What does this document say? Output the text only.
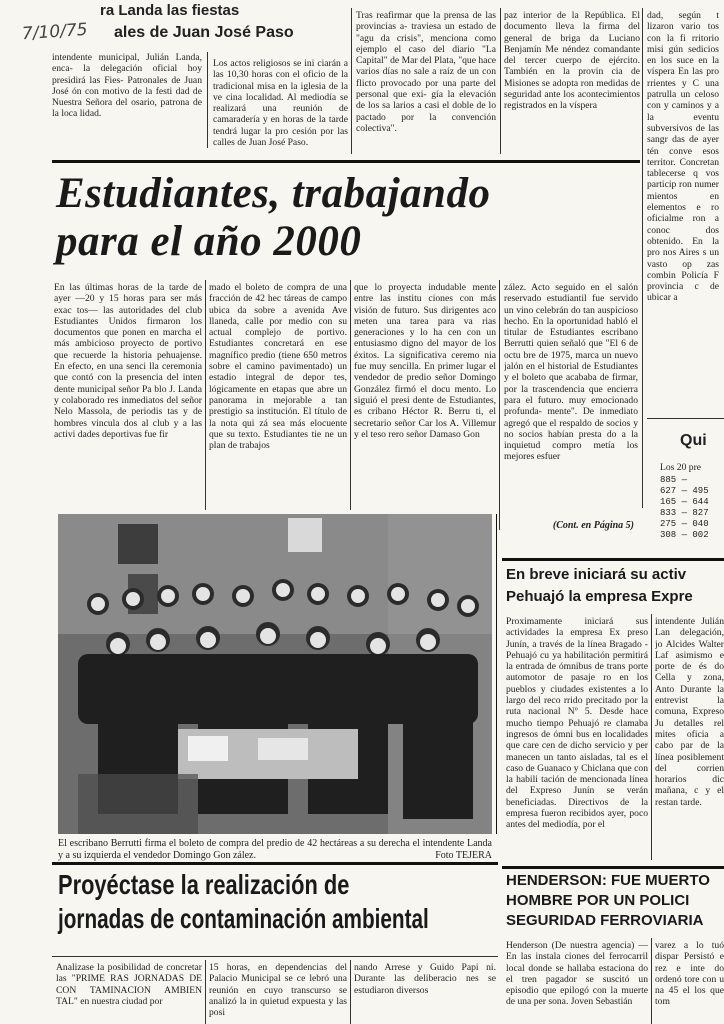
7/10/75
ra Landa las fiestas
ales de Juan José Paso
intendente municipal, Julián Landa, enca- la delegación oficial hoy presidirá las Fies- Patronales de Juan José ón con motivo de la festi dad de Nuestra Señora del osario, patrona de la loca lidad.
Los actos religiosos se ini ciarán a las 10,30 horas con el oficio de la tradicional misa en la iglesia de la ve cina localidad. Al mediodía se realizará una reunión de camaradería y en horas de la tarde tendrá lugar la pro cesión por las calles de Juan José Paso.
Tras reafirmar que la prensa de las provincias a- traviesa un estado de "agu da crisis", menciona como ejemplo el caso del diario "La Capital" de Mar del Plata, "que hace varios días no sale a raíz de un con flicto provocado por una parte del personal que exi- gía la elevación de los sa larios a casi el doble de lo pactado por la convención colectiva".
paz interior de la República. El documento lleva la firma del general de briga da Luciano Benjamín Me néndez comandante del tercer cuerpo de ejército. También en la provin cia de Misiones se adopta ron medidas de seguridad ante los acontecimientos registrados en la víspera
dad, según t lizaron vario tos con la fi rritorio misi gún sedicios en los suce en la víspera En las pro rrientes y C una patrulla un celoso con y caminos y a la eventu subversivos de las sangr das de ayer tén conve esos territor. Concretan tablecerse q vos particip ron numer mientos en elementos e ro oficialme ron a conoc dos obtenido. En la pro nos Aires s un vasto op zas combin Policía F provincia c de ubicar a
Qui
Los 20 pre
885 —
627 — 495
165 — 644
833 — 827
275 — 040
308 — 002
Estudiantes, trabajando
para el año 2000
En las últimas horas de la tarde de ayer —20 y 15 horas para ser más exac tos— las autoridades del club Estudiantes Unidos firmaron los documentos que ponen en marcha el más ambicioso proyecto de portivo que recuerde la historia pehuajense. En efecto, en una senci lla ceremonia que contó con la presencia del inten dente municipal señor Pa blo J. Landa y colaborado res inmediatos del señor Nelo Massola, de periodis tas y de hombres vincula dos al club y a las activi dades deportivas fue fir
mado el boleto de compra de una fracción de 42 hec táreas de campo ubica da sobre a avenida Ave llaneda, calle por medio con su actual complejo de portivo. Estudiantes concretará en ese magnífico predio (tiene 650 metros sobre el camino pavimentado) un estadio integral de depor tes, lógicamente en etapas que abre un panorama in mejorable a tan prestigio sa institución. El título de la nota qui zá sea más elocuente que su texto. Estudiantes tie ne un plan de trabajos
que lo proyecta indudable mente entre las institu ciones con más visión de futuro. Sus dirigentes aco meten una tarea para va rias generaciones y lo ha cen con un entusiasmo digno del mayor de los éxitos. La significativa ceremo nia fue muy sencilla. En primer lugar el vendedor de predio señor Domingo González firmó el docu mento. Lo siguió el presi dente de Estudiantes, es cribano Héctor R. Berru ti, el secretario señor Car los A. Villemur y el teso rero señor Damaso Gon
zález. Acto seguido en el salón reservado estudiantil fue servido un vino celebrán do tan auspicioso hecho. En la oportunidad habló el titular de Estudiantes escribano Berrutti quien señaló que "El 6 de octu bre de 1975, marca un nuevo jalón en el historial de Estudiantes y el boleto que acababa de firmar, por la trascendencia que encierra para el futuro. muy emocionado profunda- mente". De inmediato agregó que el respaldo de socios y no socios habían presta do a la inquietud compro metía los mejores esfuer
(Cont. en Página 5)
El escribano Berrutti firma el boleto de compra del predio de 42 hectáreas a su derecha el intendente Landa y a su izquierda el vendedor Domingo Gon zález.	Foto TEJERA
En breve iniciará su activ
Pehuajó la empresa Expre
Proximamente iniciará sus actividades la empresa Ex preso Junín, a través de la línea Bragado - Pehuajó cu ya habilitación permitirá la entrada de ómnibus de trans porte automotor de pasaje ro en los pueblos y ciudades existentes a lo largo del reco rrido precitado por la ruta nacional Nº 5. Desde hace mucho tiempo Pehuajó re clamaba ingresos de ómni bus en localidades que care cen de dicho servicio y per manecen un tanto aisladas, tal es el caso de Guanaco y Chiclana que con la habili tación de mencionada línea del Expreso Junín se verán beneficiadas. Directivos de la empresa fueron recibidos ayer, poco antes del mediodía, por el
intendente Julián Lan delegación, jo Alcides Walter Laf asimismo e porte de és do Cella y zona, Anto Durante la entrevist la comuna, Expreso Ju detalles rel mites oficia a cabo par de la línea posiblement del corrien horarios dic mañana, c y el restan tarde.
Proyéctase la realización de
jornadas de contaminación ambiental
Analizase la posibilidad de concretar las "PRIME RAS JORNADAS DE CON TAMINACION AMBIEN TAL" en nuestra ciudad por
15 horas, en dependencias del Palacio Municipal se ce lebró una reunión en cuyo transcurso se analizó la in quietud expuesta y las posi
nando Arrese y Guido Papi ni. Durante las deliberacio nes se estudiaron diversos
HENDERSON: FUE MUERTO
HOMBRE POR UN POLICI
SEGURIDAD FERROVIARIA
Henderson (De nuestra agencia) — En las instala ciones del ferrocarril local donde se hallaba estaciona do el tren pagador se suscitó un episodio que epilogó con la muerte de una per sona. Joven Sebastián
varez a lo tuó dispar Persistó e rez e inte do ordenó tore con u na 45 el los que tom
